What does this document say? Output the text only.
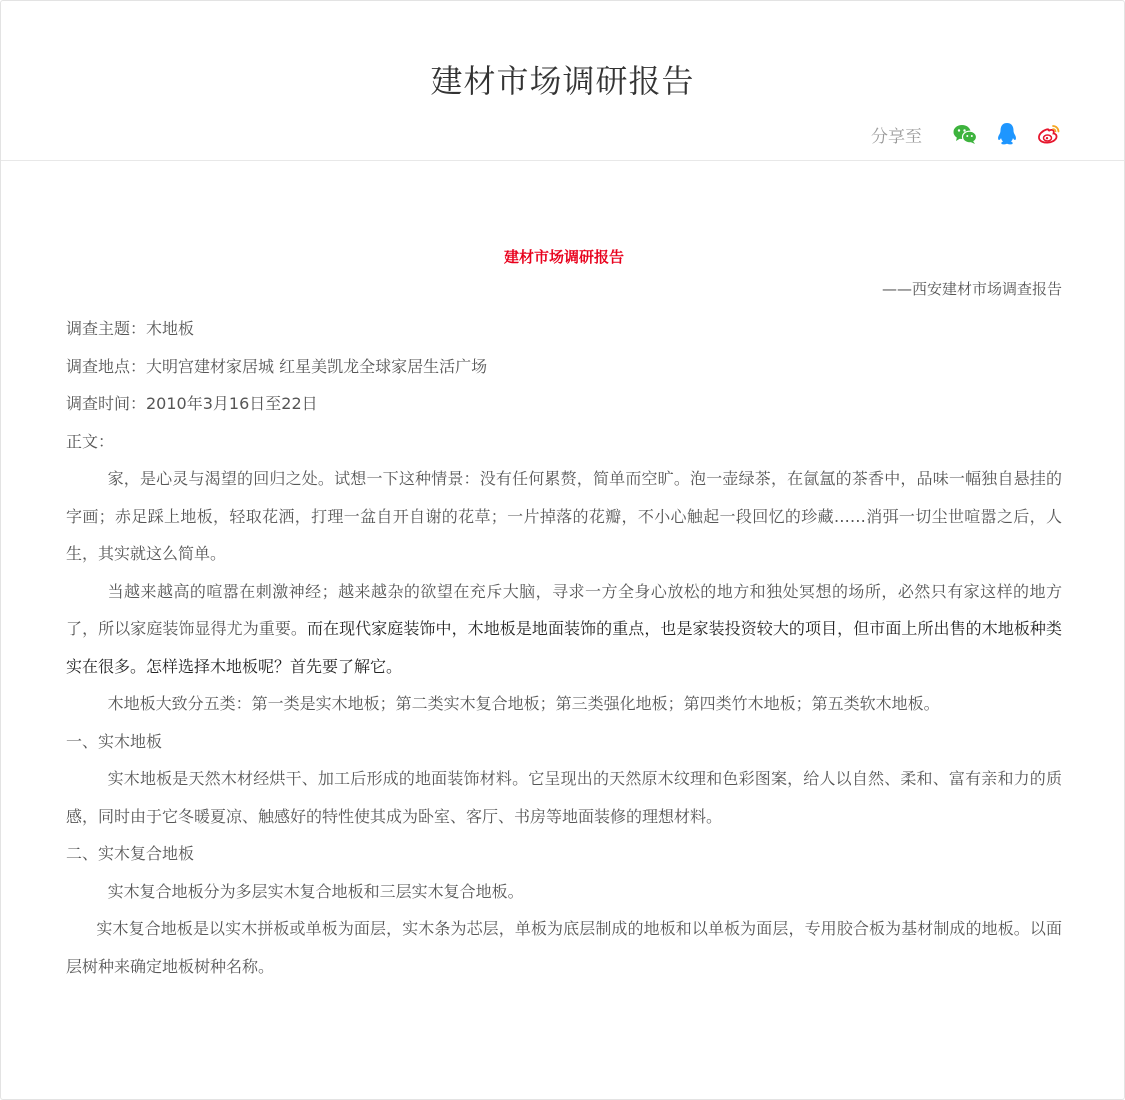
建材市场调研报告
分享至
建材市场调研报告
——西安建材市场调查报告
调查主题：木地板
调查地点：大明宫建材家居城 红星美凯龙全球家居生活广场
调查时间：2010年3月16日至22日
正文：

家，是心灵与渴望的回归之处。试想一下这种情景：没有任何累赘，简单而空旷。泡一壶绿茶，在氤氲的茶香中，品味一幅独自悬挂的字画；赤足踩上地板，轻取花洒，打理一盆自开自谢的花草；一片掉落的花瓣，不小心触起一段回忆的珍藏……消弭一切尘世喧嚣之后，人生，其实就这么简单。

当越来越高的喧嚣在刺激神经；越来越杂的欲望在充斥大脑，寻求一方全身心放松的地方和独处冥想的场所，必然只有家这样的地方了，所以家庭装饰显得尤为重要。而在现代家庭装饰中，木地板是地面装饰的重点，也是家装投资较大的项目，但市面上所出售的木地板种类实在很多。怎样选择木地板呢？首先要了解它。

木地板大致分五类：第一类是实木地板；第二类实木复合地板；第三类强化地板；第四类竹木地板；第五类软木地板。

一、实木地板

实木地板是天然木材经烘干、加工后形成的地面装饰材料。它呈现出的天然原木纹理和色彩图案，给人以自然、柔和、富有亲和力的质感，同时由于它冬暖夏凉、触感好的特性使其成为卧室、客厅、书房等地面装修的理想材料。

二、实木复合地板

实木复合地板分为多层实木复合地板和三层实木复合地板。

实木复合地板是以实木拼板或单板为面层，实木条为芯层，单板为底层制成的地板和以单板为面层，专用胶合板为基材制成的地板。以面层树种来确定地板树种名称。
